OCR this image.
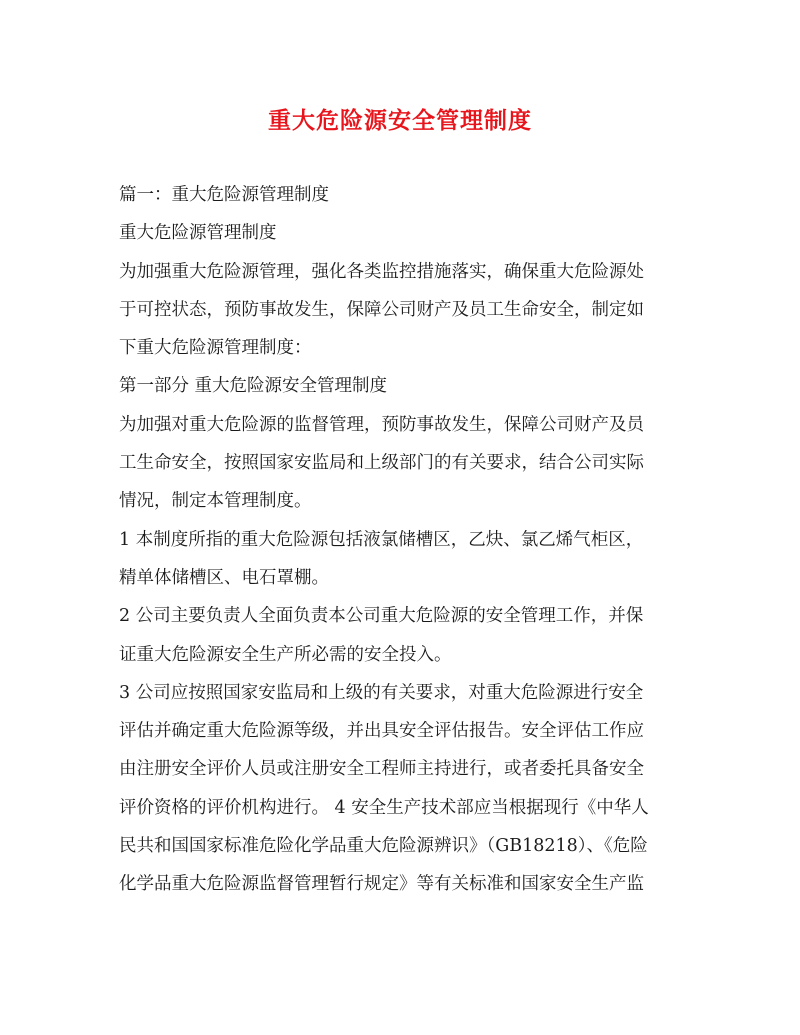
重大危险源安全管理制度
篇一：重大危险源管理制度
重大危险源管理制度
为加强重大危险源管理，强化各类监控措施落实，确保重大危险源处
于可控状态，预防事故发生，保障公司财产及员工生命安全，制定如
下重大危险源管理制度：
第一部分 重大危险源安全管理制度
为加强对重大危险源的监督管理，预防事故发生，保障公司财产及员
工生命安全，按照国家安监局和上级部门的有关要求，结合公司实际
情况，制定本管理制度。
1 本制度所指的重大危险源包括液氯储槽区，乙炔、氯乙烯气柜区，
精单体储槽区、电石罩棚。
2 公司主要负责人全面负责本公司重大危险源的安全管理工作，并保
证重大危险源安全生产所必需的安全投入。
3 公司应按照国家安监局和上级的有关要求，对重大危险源进行安全
评估并确定重大危险源等级，并出具安全评估报告。安全评估工作应
由注册安全评价人员或注册安全工程师主持进行，或者委托具备安全
评价资格的评价机构进行。 4 安全生产技术部应当根据现行《中华人
民共和国国家标准危险化学品重大危险源辨识》（GB18218）、《危险
化学品重大危险源监督管理暂行规定》等有关标准和国家安全生产监
